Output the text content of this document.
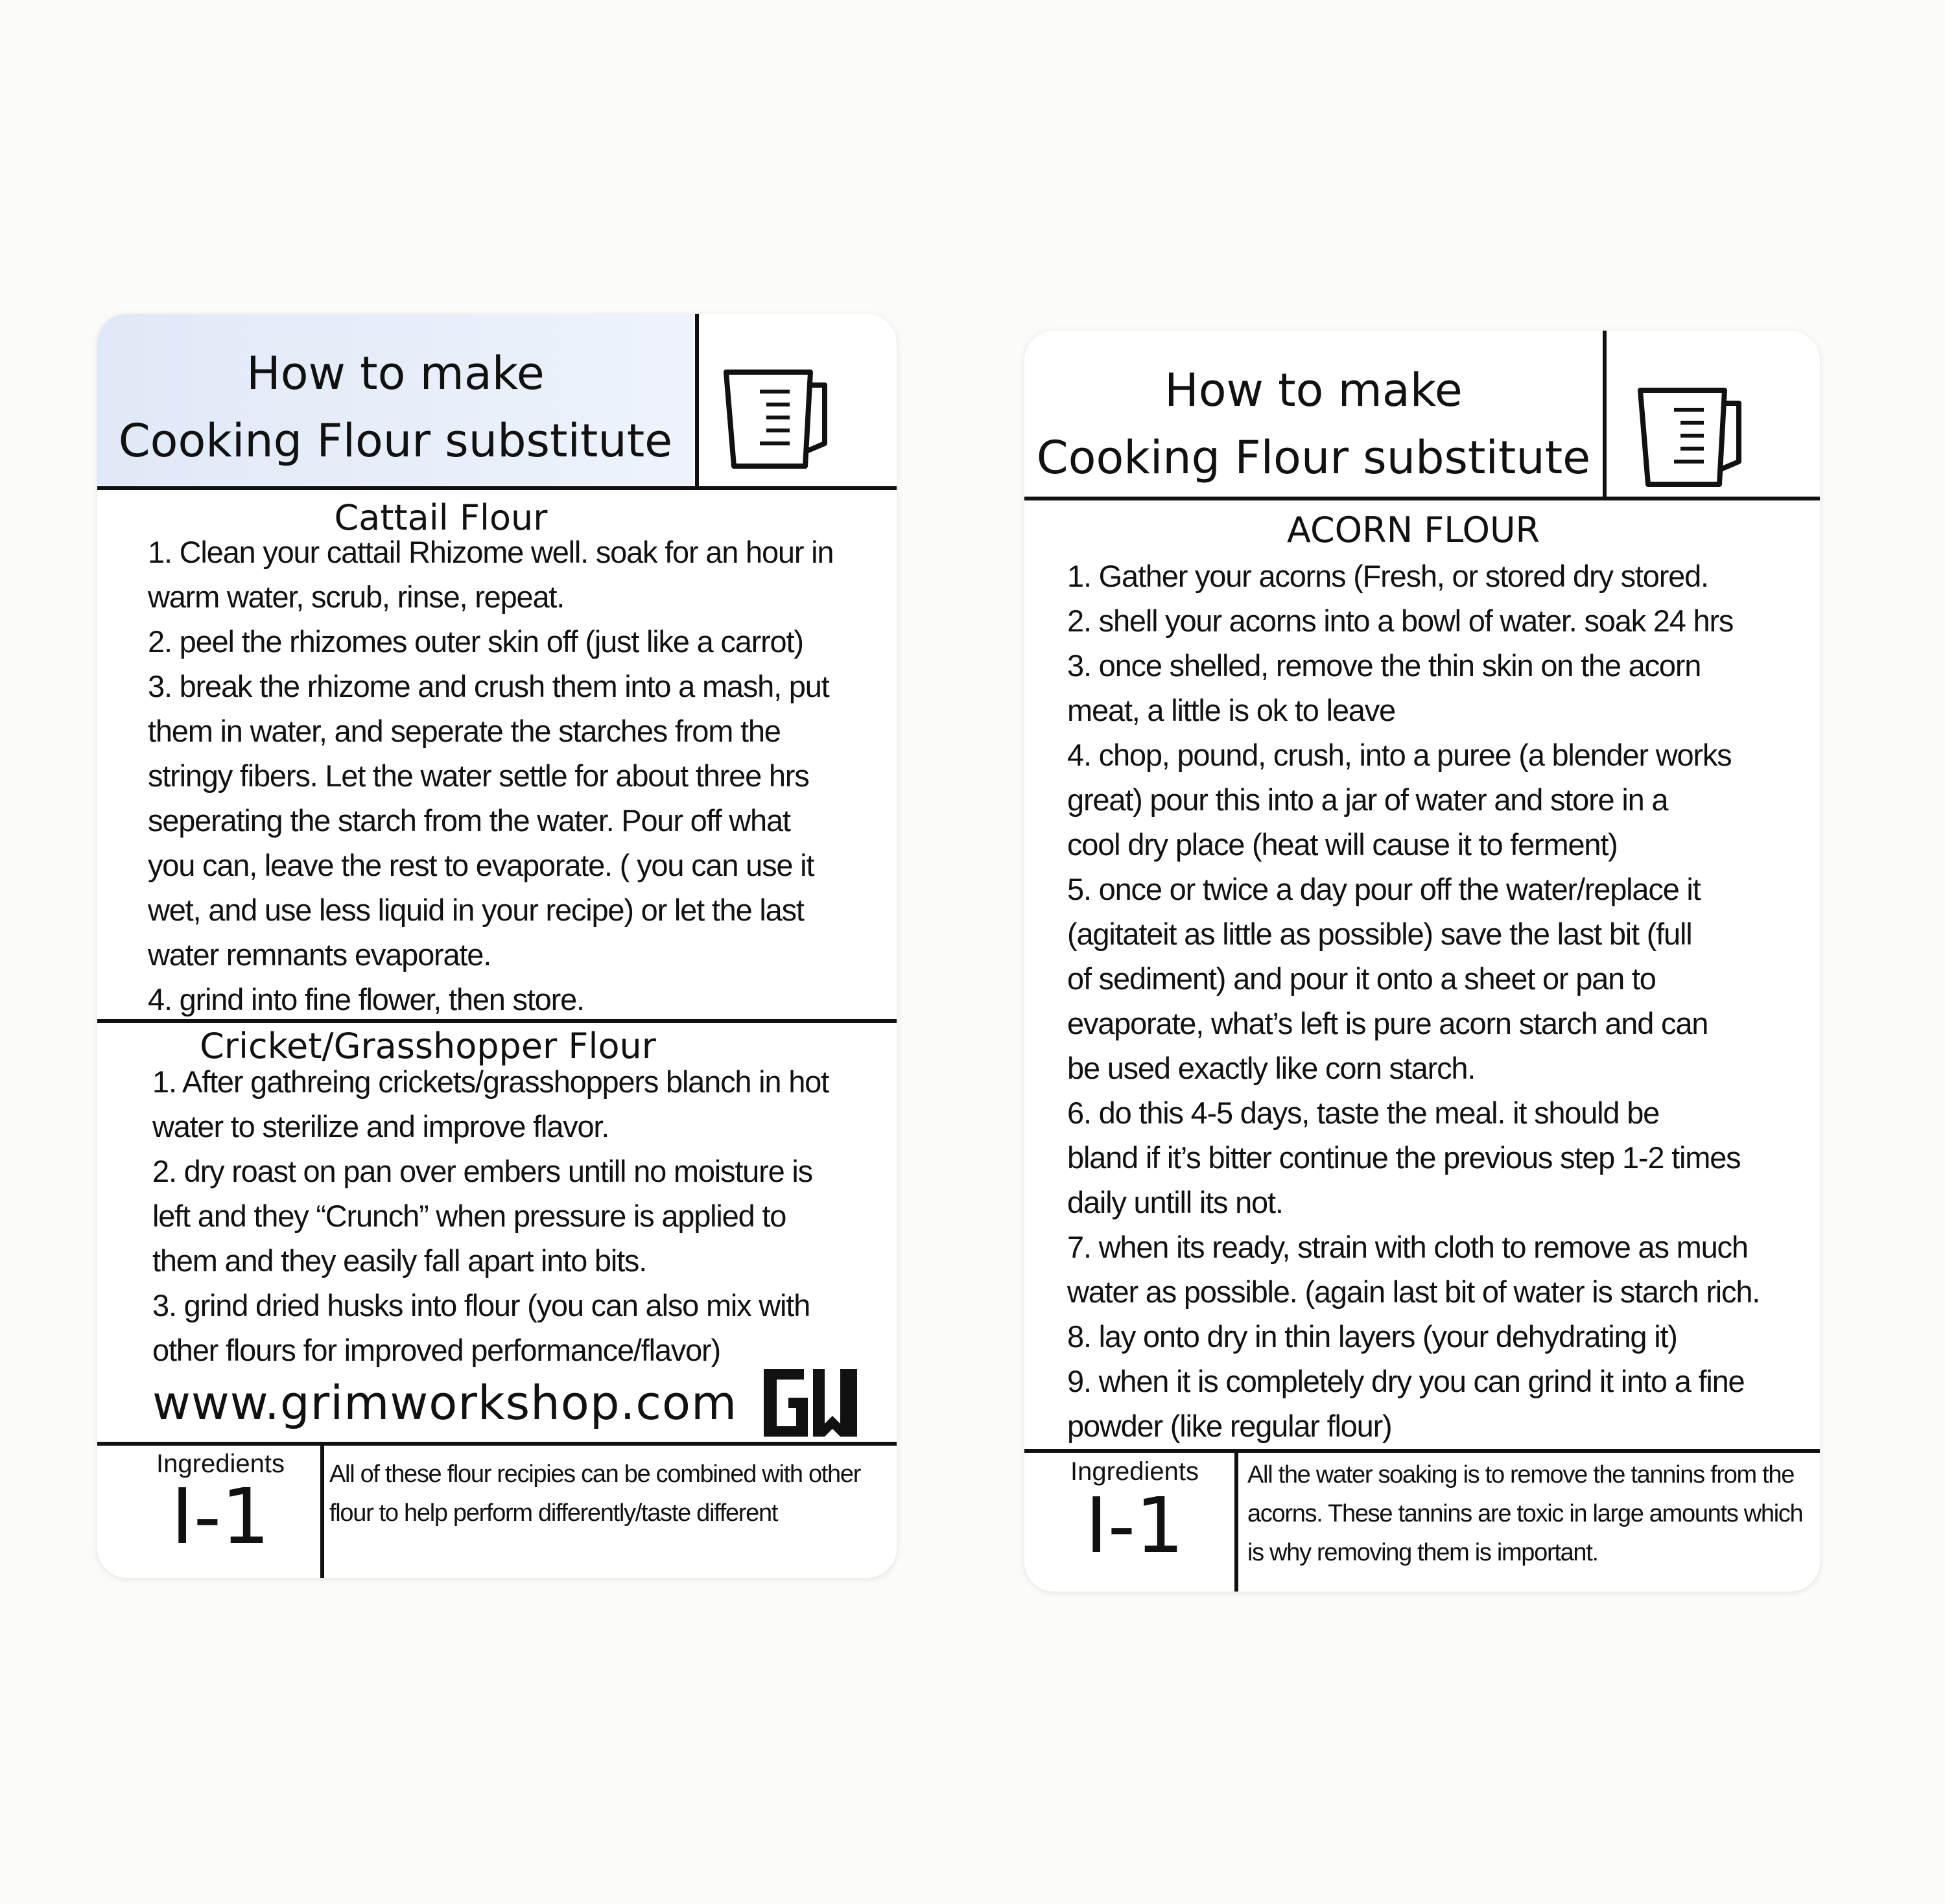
How to make
Cooking Flour substitute
Cattail Flour
1. Clean your cattail Rhizome well. soak for an hour in
warm water, scrub, rinse, repeat.
2. peel the rhizomes outer skin off (just like a carrot)
3. break the rhizome and crush them into a mash, put
them in water, and seperate the starches from the
stringy fibers. Let the water settle for about three hrs
seperating the starch from the water. Pour off what
you can, leave the rest to evaporate. ( you can use it
wet, and use less liquid in your recipe) or let the last
water remnants evaporate.
4. grind into fine flower, then store.
Cricket/Grasshopper Flour
1. After gathreing crickets/grasshoppers blanch in hot
water to sterilize and improve flavor.
2. dry roast on pan over embers untill no moisture is
left and they “Crunch” when pressure is applied to
them and they easily fall apart into bits.
3. grind dried husks into flour (you can also mix with
other flours for improved performance/flavor)
www.grimworkshop.com
Ingredients
I-1	All of these flour recipies can be combined with other flour to help perform differently/taste different
How to make
Cooking Flour substitute
ACORN FLOUR
1. Gather your acorns (Fresh, or stored dry stored.
2. shell your acorns into a bowl of water. soak 24 hrs
3. once shelled, remove the thin skin on the acorn
meat, a little is ok to leave
4. chop, pound, crush, into a puree (a blender works
great) pour this into a jar of water and store in a
cool dry place (heat will cause it to ferment)
5. once or twice a day pour off the water/replace it
(agitateit as little as possible) save the last bit (full
of sediment) and pour it onto a sheet or pan to
evaporate, what’s left is pure acorn starch and can
be used exactly like corn starch.
6. do this 4-5 days, taste the meal. it should be
bland if it’s bitter continue the previous step 1-2 times
daily untill its not.
7. when its ready, strain with cloth to remove as much
water as possible. (again last bit of water is starch rich.
8. lay onto dry in thin layers (your dehydrating it)
9. when it is completely dry you can grind it into a fine
powder (like regular flour)
Ingredients
I-1
All the water soaking is to remove the tannins from the acorns. These tannins are toxic in large amounts which is why removing them is important.
